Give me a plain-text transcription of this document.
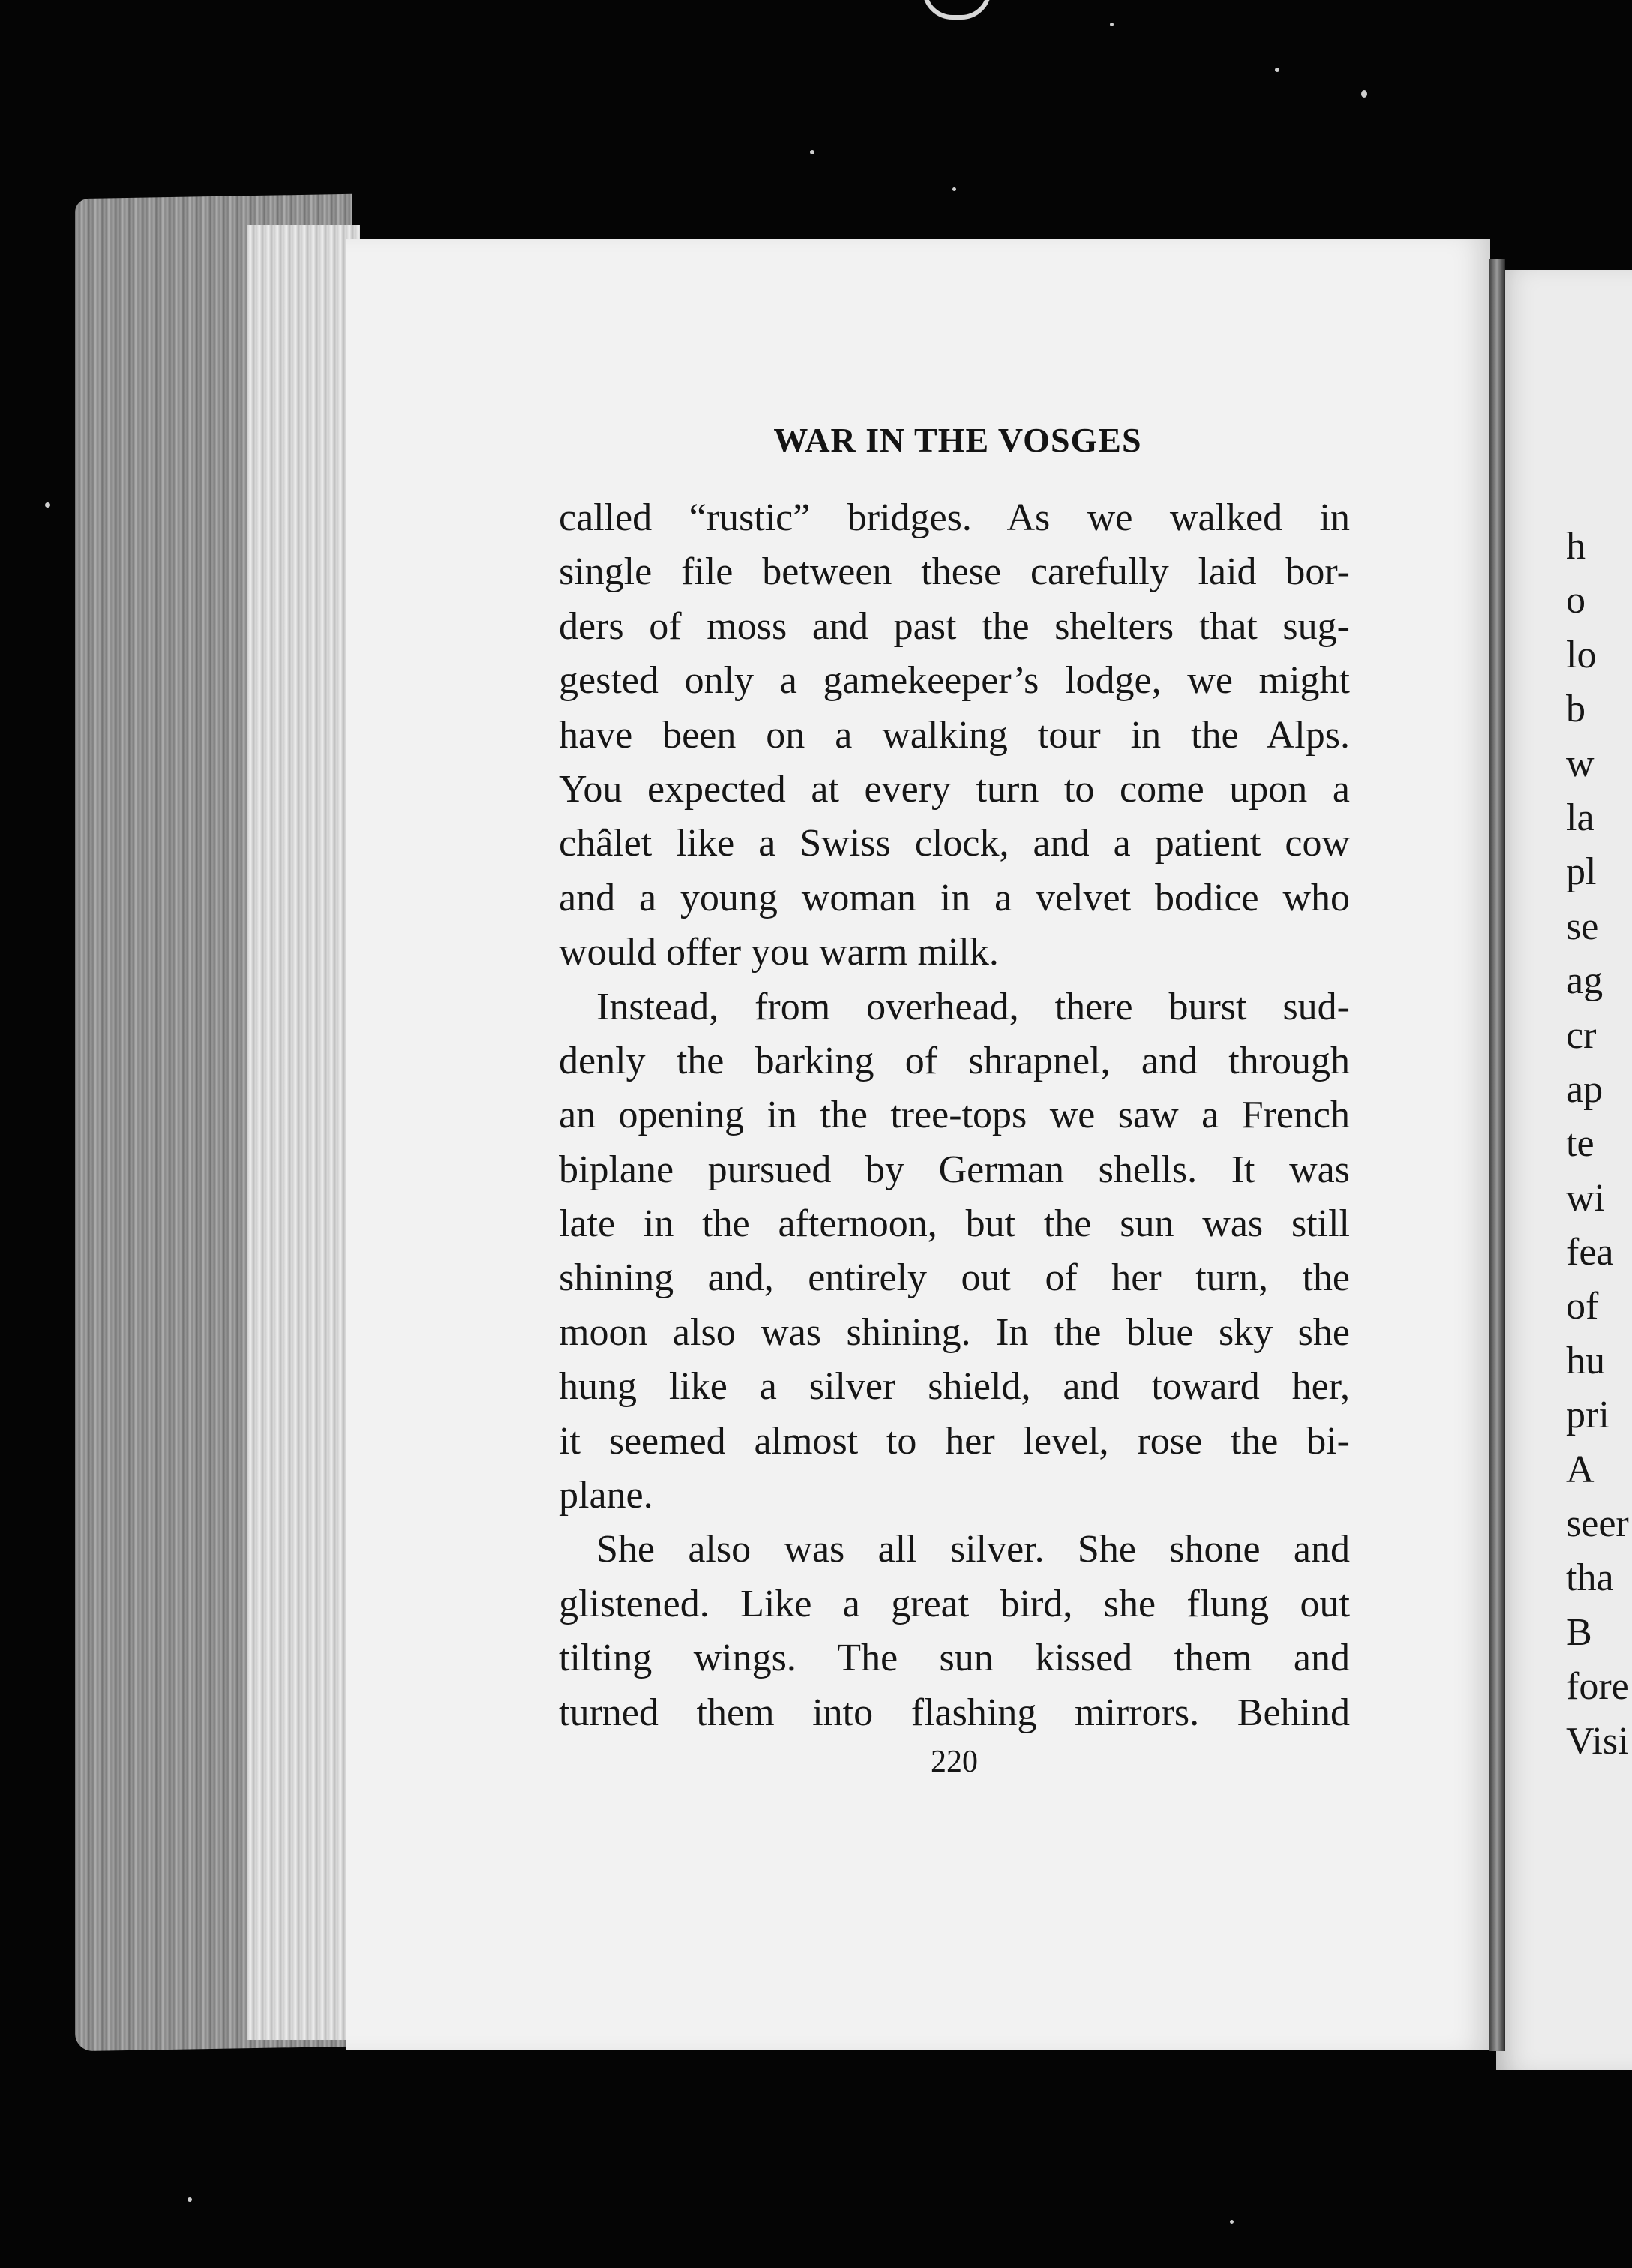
WAR IN THE VOSGES
called “rustic” bridges. As we walked in
single file between these carefully laid bor-
ders of moss and past the shelters that sug-
gested only a gamekeeper’s lodge, we might
have been on a walking tour in the Alps.
You expected at every turn to come upon a
châlet like a Swiss clock, and a patient cow
and a young woman in a velvet bodice who
would offer you warm milk.
Instead, from overhead, there burst sud-
denly the barking of shrapnel, and through
an opening in the tree-tops we saw a French
biplane pursued by German shells. It was
late in the afternoon, but the sun was still
shining and, entirely out of her turn, the
moon also was shining. In the blue sky she
hung like a silver shield, and toward her,
it seemed almost to her level, rose the bi-
plane.
She also was all silver. She shone and
glistened. Like a great bird, she flung out
tilting wings. The sun kissed them and
turned them into flashing mirrors. Behind
220
h
o
lo
b
w
la
pl
se
ag
cr
ap
te
wi
fea
of
hu
pri
A
seer
tha
B
fore
Visi
